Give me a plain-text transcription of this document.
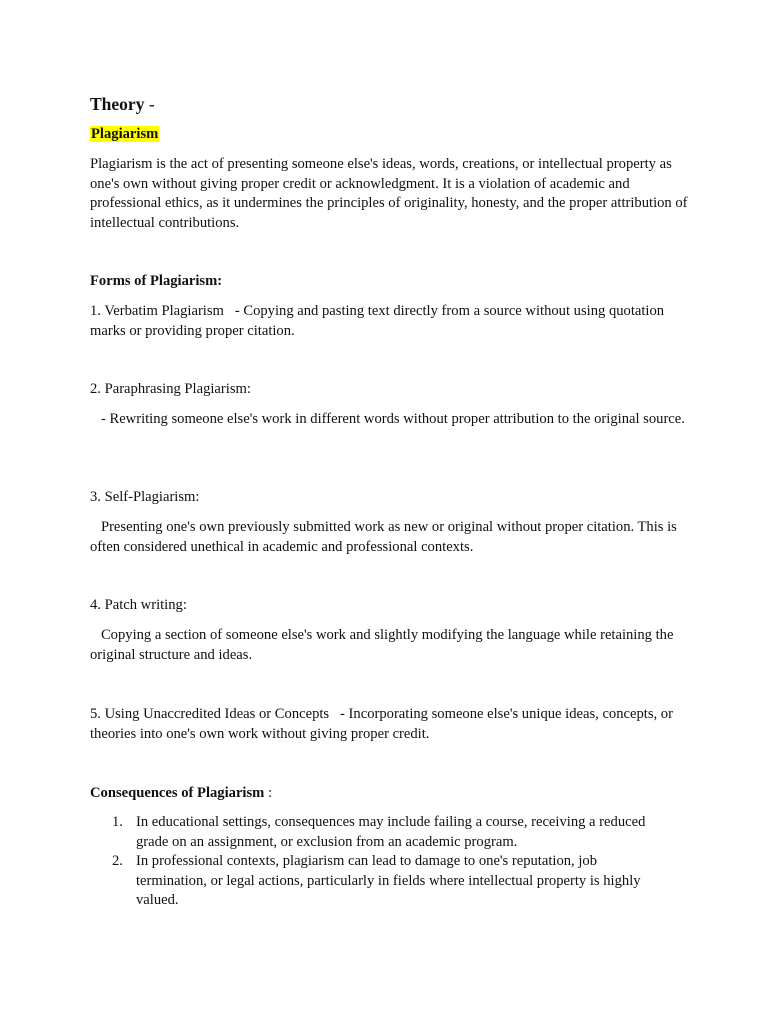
Theory -
Plagiarism

Plagiarism is the act of presenting someone else's ideas, words, creations, or intellectual property as one's own without giving proper credit or acknowledgment. It is a violation of academic and professional ethics, as it undermines the principles of originality, honesty, and the proper attribution of intellectual contributions.

Forms of Plagiarism:
1. Verbatim Plagiarism   - Copying and pasting text directly from a source without using quotation marks or providing proper citation.
2. Paraphrasing Plagiarism:
- Rewriting someone else's work in different words without proper attribution to the original source.
3. Self-Plagiarism:
Presenting one's own previously submitted work as new or original without proper citation. This is often considered unethical in academic and professional contexts.
4. Patch writing:
Copying a section of someone else's work and slightly modifying the language while retaining the original structure and ideas.
5. Using Unaccredited Ideas or Concepts   - Incorporating someone else's unique ideas, concepts, or theories into one's own work without giving proper credit.
Consequences of Plagiarism :
1. In educational settings, consequences may include failing a course, receiving a reduced grade on an assignment, or exclusion from an academic program.
2. In professional contexts, plagiarism can lead to damage to one's reputation, job termination, or legal actions, particularly in fields where intellectual property is highly valued.
